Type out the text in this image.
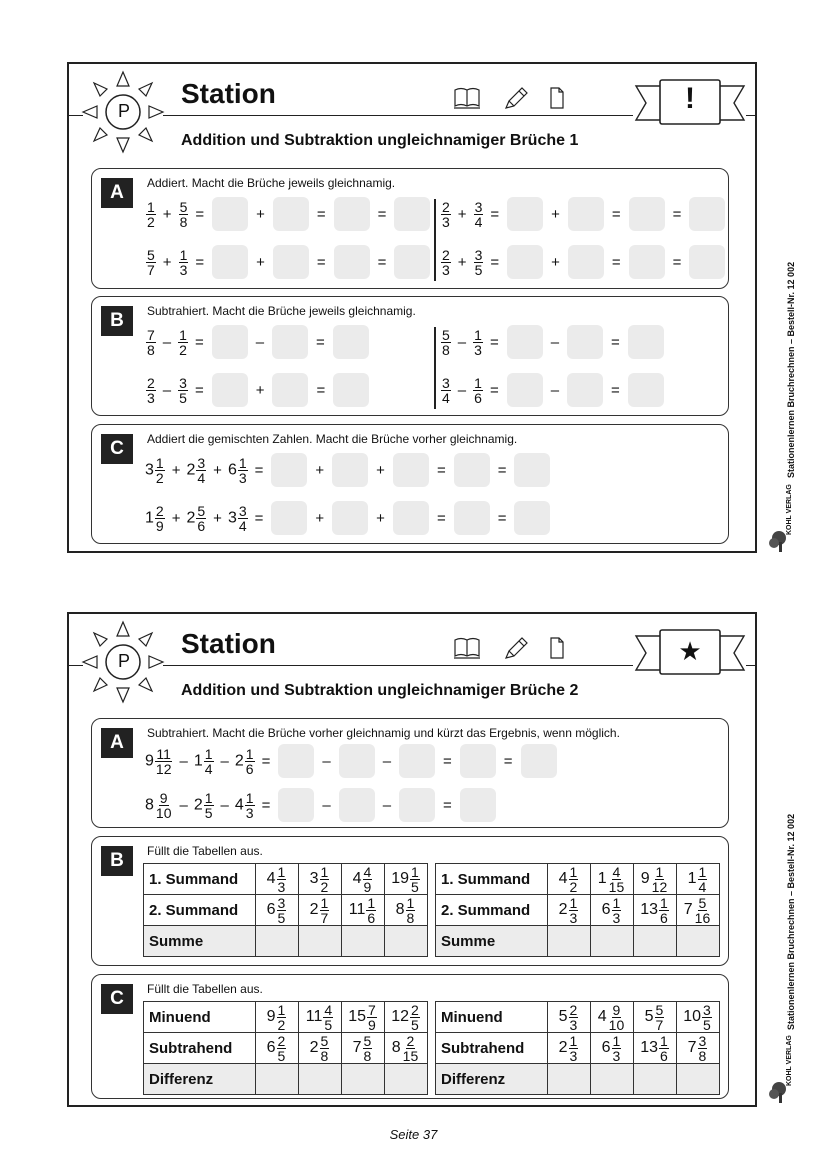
P
Station	!
Addition und Subtraktion ungleichnamiger Brüche 1
A	Addiert. Macht die Brüche jeweils gleichnamig.
$\frac{1}{2} + \frac{5}{8}$ =	+	=	=	$\frac{2}{3} + \frac{3}{4}$ =	+	=	=
$\frac{5}{7} + \frac{1}{3}$ =	+	=	=	$\frac{2}{3} + \frac{3}{5}$ =	+	=	=
B	Subtrahiert. Macht die Brüche jeweils gleichnamig.
$\frac{7}{8} - \frac{1}{2}$ =	–	=	$\frac{5}{8} - \frac{1}{3}$ =	–	=
$\frac{2}{3} - \frac{3}{5}$ =	+	=	$\frac{3}{4} - \frac{1}{6}$ =	–	=
C	Addiert die gemischten Zahlen. Macht die Brüche vorher gleichnamig.
$3 \frac{1}{2} + 2 \frac{3}{4} + 6 \frac{1}{3}$ =	+	+	=	=
$1 \frac{2}{9} + 2 \frac{5}{6} + 3 \frac{3}{4}$ =	+	+	=	=
P
Station	★
Addition und Subtraktion ungleichnamiger Brüche 2
A	Subtrahiert. Macht die Brüche vorher gleichnamig und kürzt das Ergebnis, wenn möglich.
$9 \frac{11}{12} - 1 \frac{1}{4} - 2 \frac{1}{6}$ =	–	–	=	=
$8 \frac{9}{10} - 2 \frac{1}{5} - 4 \frac{1}{3}$ =	–	–	=
B	Füllt die Tabellen aus.
1. Summand	$4 \frac{1}{3}$	$3 \frac{1}{2}$	$4 \frac{4}{9}$	$19 \frac{1}{5}$

2. Summand	$6 \frac{3}{5}$	$2 \frac{1}{7}$	$11 \frac{1}{6}$	$8 \frac{1}{8}$

Summe				
1. Summand	$4 \frac{1}{2}$	$1 \frac{4}{15}$	$9 \frac{1}{12}$	$1 \frac{1}{4}$

2. Summand	$2 \frac{1}{3}$	$6 \frac{1}{3}$	$13 \frac{1}{6}$	$7 \frac{5}{16}$

Summe				
C	Füllt die Tabellen aus.
Minuend	$9 \frac{1}{2}$	$11 \frac{4}{5}$	$15 \frac{7}{9}$	$12 \frac{2}{5}$

Subtrahend	$6 \frac{2}{5}$	$2 \frac{5}{8}$	$7 \frac{5}{8}$	$8 \frac{2}{15}$

Differenz				
Minuend	$5 \frac{2}{3}$	$4 \frac{9}{10}$	$5 \frac{5}{7}$	$10 \frac{3}{5}$

Subtrahend	$2 \frac{1}{3}$	$6 \frac{1}{3}$	$13 \frac{1}{6}$	$7 \frac{3}{8}$

Differenz				
Stationenlernen Bruchrechnen – Bestell-Nr. 12 002
Stationenlernen Bruchrechnen – Bestell-Nr. 12 002
KOHL VERLAG
KOHL VERLAG
Seite 37
